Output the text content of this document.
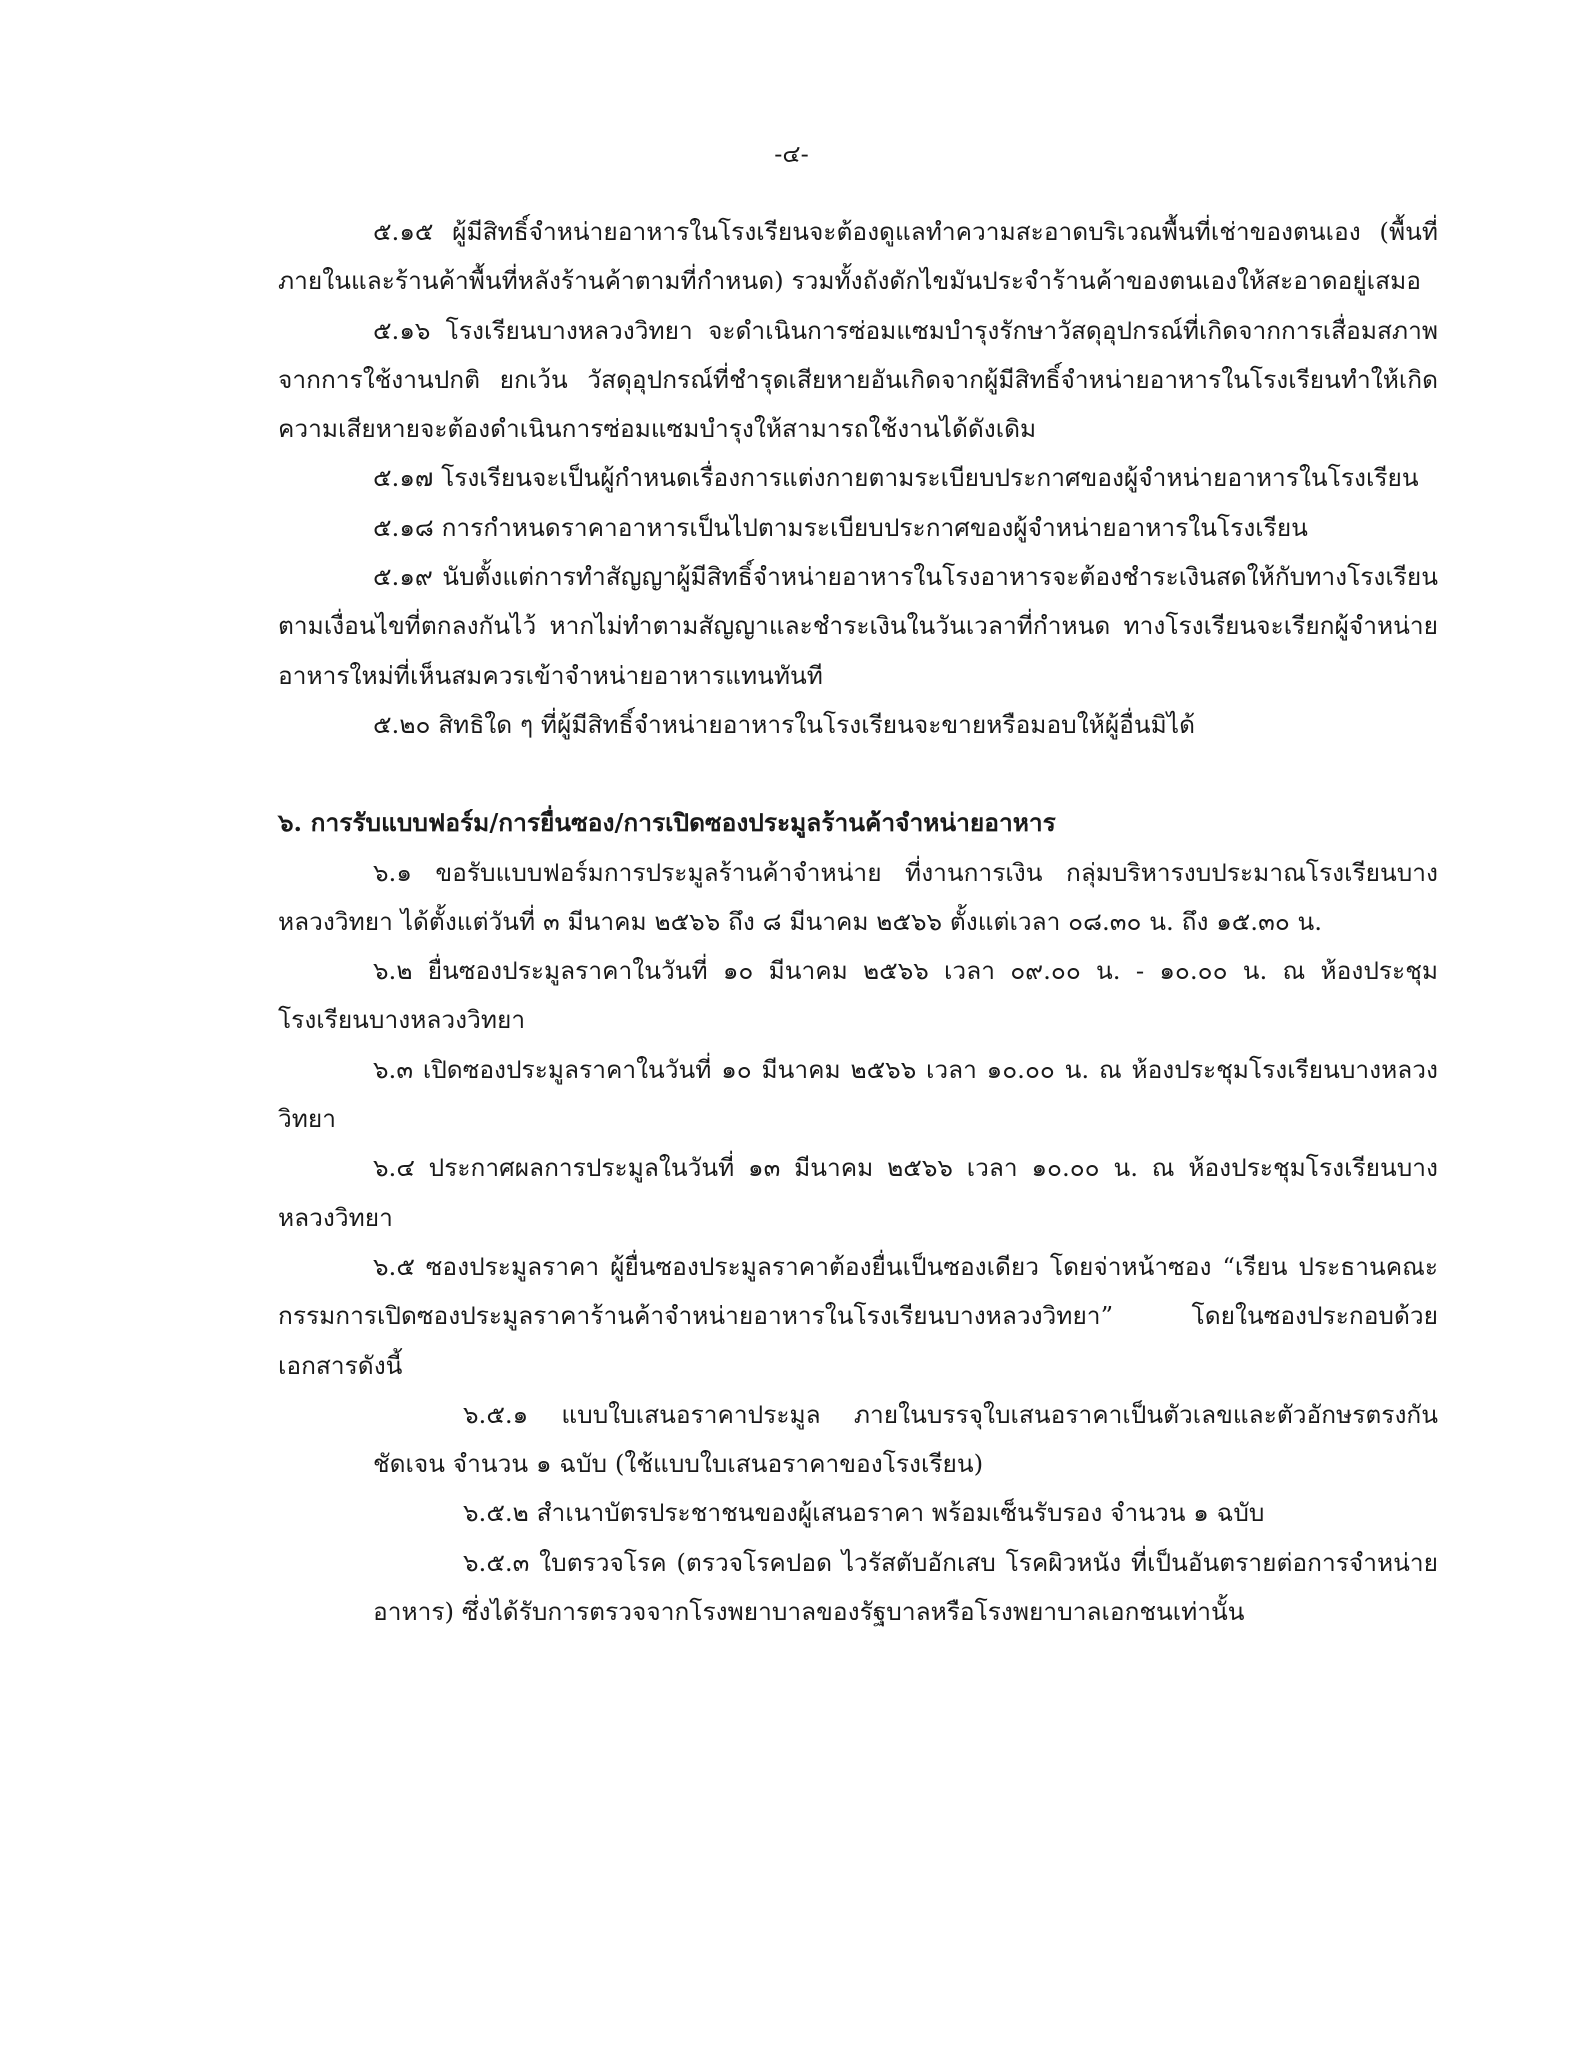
-๔-

๕.๑๕ ผู้มีสิทธิ์จำหน่ายอาหารในโรงเรียนจะต้องดูแลทำความสะอาดบริเวณพื้นที่เช่าของตนเอง (พื้นที่ภายในและร้านค้าพื้นที่หลังร้านค้าตามที่กำหนด) รวมทั้งถังดักไขมันประจำร้านค้าของตนเองให้สะอาดอยู่เสมอ

๕.๑๖ โรงเรียนบางหลวงวิทยา จะดำเนินการซ่อมแซมบำรุงรักษาวัสดุอุปกรณ์ที่เกิดจากการเสื่อมสภาพจากการใช้งานปกติ ยกเว้น วัสดุอุปกรณ์ที่ชำรุดเสียหายอันเกิดจากผู้มีสิทธิ์จำหน่ายอาหารในโรงเรียนทำให้เกิดความเสียหายจะต้องดำเนินการซ่อมแซมบำรุงให้สามารถใช้งานได้ดังเดิม

๕.๑๗ โรงเรียนจะเป็นผู้กำหนดเรื่องการแต่งกายตามระเบียบประกาศของผู้จำหน่ายอาหารในโรงเรียน

๕.๑๘ การกำหนดราคาอาหารเป็นไปตามระเบียบประกาศของผู้จำหน่ายอาหารในโรงเรียน

๕.๑๙ นับตั้งแต่การทำสัญญาผู้มีสิทธิ์จำหน่ายอาหารในโรงอาหารจะต้องชำระเงินสดให้กับทางโรงเรียนตามเงื่อนไขที่ตกลงกันไว้ หากไม่ทำตามสัญญาและชำระเงินในวันเวลาที่กำหนด ทางโรงเรียนจะเรียกผู้จำหน่ายอาหารใหม่ที่เห็นสมควรเข้าจำหน่ายอาหารแทนทันที

๕.๒๐ สิทธิใด ๆ ที่ผู้มีสิทธิ์จำหน่ายอาหารในโรงเรียนจะขายหรือมอบให้ผู้อื่นมิได้

๖. การรับแบบฟอร์ม/การยื่นซอง/การเปิดซองประมูลร้านค้าจำหน่ายอาหาร

๖.๑ ขอรับแบบฟอร์มการประมูลร้านค้าจำหน่าย ที่งานการเงิน กลุ่มบริหารงบประมาณโรงเรียนบางหลวงวิทยา ได้ตั้งแต่วันที่ ๓ มีนาคม ๒๕๖๖ ถึง ๘ มีนาคม ๒๕๖๖ ตั้งแต่เวลา ๐๘.๓๐ น. ถึง ๑๕.๓๐ น.

๖.๒ ยื่นซองประมูลราคาในวันที่ ๑๐ มีนาคม ๒๕๖๖ เวลา ๐๙.๐๐ น. - ๑๐.๐๐ น. ณ ห้องประชุมโรงเรียนบางหลวงวิทยา

๖.๓ เปิดซองประมูลราคาในวันที่ ๑๐ มีนาคม ๒๕๖๖ เวลา ๑๐.๐๐ น. ณ ห้องประชุมโรงเรียนบางหลวงวิทยา

๖.๔ ประกาศผลการประมูลในวันที่ ๑๓ มีนาคม ๒๕๖๖ เวลา ๑๐.๐๐ น. ณ ห้องประชุมโรงเรียนบางหลวงวิทยา

๖.๕ ซองประมูลราคา ผู้ยื่นซองประมูลราคาต้องยื่นเป็นซองเดียว โดยจ่าหน้าซอง “เรียน ประธานคณะกรรมการเปิดซองประมูลราคาร้านค้าจำหน่ายอาหารในโรงเรียนบางหลวงวิทยา” โดยในซองประกอบด้วยเอกสารดังนี้

๖.๕.๑ แบบใบเสนอราคาประมูล ภายในบรรจุใบเสนอราคาเป็นตัวเลขและตัวอักษรตรงกันชัดเจน จำนวน ๑ ฉบับ (ใช้แบบใบเสนอราคาของโรงเรียน)

๖.๕.๒ สำเนาบัตรประชาชนของผู้เสนอราคา พร้อมเซ็นรับรอง จำนวน ๑ ฉบับ

๖.๕.๓ ใบตรวจโรค (ตรวจโรคปอด ไวรัสตับอักเสบ โรคผิวหนัง ที่เป็นอันตรายต่อการจำหน่ายอาหาร) ซึ่งได้รับการตรวจจากโรงพยาบาลของรัฐบาลหรือโรงพยาบาลเอกชนเท่านั้น
